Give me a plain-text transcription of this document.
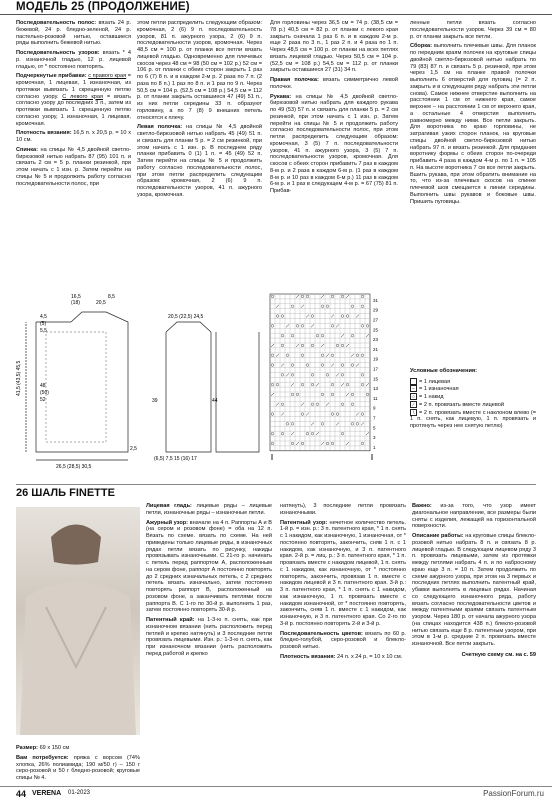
МОДЕЛЬ 25 (ПРОДОЛЖЕНИЕ)

Последовательность полос: вязать 24 р. бежевой, 24 р. бледно-зеленой, 24 р. пастельно-розовой нитью, оставшиеся ряды выполнить бежевой нитью.

Последовательность узоров: вязать * 4 р. изнаночной гладью, 12 р. лицевой гладью, от * постоянно повторять.

Подчеркнутые прибавки: с правого края = кромочная, 1 лицевая, 1 изнаночная, из протяжки вывязать 1 скрещенную петлю согласно узору. С левого края = вязать согласно узору до последних 3 п., затем из протяжки вывязать 1 скрещенную петлю согласно узору, 1 изнаночная, 1 лицевая, кромочная.

Плотность вязания: 16,5 п. х 20,5 р. = 10 х 10 см.

Спинка: на спицы № 4,5 двойной светло-бирюзовой нитью набрать 87 (95) 101 п. и связать 2 см = 5 р. планки резинкой, при этом начать с 1 изн. р. Затем перейти на спицы № 5 и продолжить работу согласно последовательности полос, при

этом петли распределить следующим образом: кромочная, 2 (6) 9 п. последовательность узоров, 81 п. ажурного узора, 2 (6) 9 п. последовательности узоров, кромочная. Через 48,5 см = 100 р. от планки все петли вязать лицевой гладью. Одновременно для плечевых скосов через 48 см = 98 (50 см = 102 р.) 52 см = 106 р. от планки с обеих сторон закрыть 1 раз по 6 (7) 8 п. и в каждом 2-м р. 2 раза по 7 п. (2 раза по 8 п.) 1 раз по 8 п. и 1 раз по 9 п. Через 50,5 см = 104 р. (52,5 см = 108 р.) 54,5 см = 112 р. от планки закрыть оставшиеся 47 (49) 51 п., из них петли середины 33 п. образуют горловину, а по 7 (8) 9 внешних петель относятся к плечу.

Левая полочка: на спицы № 4,5 двойной светло-бирюзовой нитью набрать 45 (49) 51 п. и связать для планки 5 р. = 2 см резинкой, при этом начать с 1 изн. р. В последнем ряду планки прибавить 0 (1) 1 п. = 45 (49) 52 п. Затем перейти на спицы № 5 и продолжить работу согласно последовательности полос, при этом петли распределить следующим образом: кромочная, 2 (6) 9 п. последовательности узоров, 41 п. ажурного узора, кромочная.

Для горловины через 36,5 см = 74 р. (38,5 см = 78 р.) 40,5 см = 82 р. от планки с левого края закрыть сначала 1 раз 6 п. и в каждом 2-м р. еще 2 раза по 3 п., 1 раз 2 п. и 4 раза по 1 п. Через 48,5 см = 100 р. от планки на всех петлях вязать лицевой гладью. Через 50,5 см = 104 р. (52,5 см = 108 р.) 54,5 см = 112 р. от планки закрыть оставшиеся 27 (31) 34 п.

Правая полочка: вязать симметрично левой полочке.

Рукава: на спицы № 4,5 двойной светло-бирюзовой нитью набрать для каждого рукава по 49 (53) 57 п. и связать для планки 5 р. = 2 см резинкой, при этом начать с 1 изн. р. Затем перейти на спицы № 5 и продолжить работу согласно последовательности полос, при этом петли распределить следующим образом: кромочная, 3 (5) 7 п. последовательности узоров, 41 п. ажурного узора, 3 (5) 7 п. последовательности узоров, кромочная. Для скосов с обеих сторон прибавить 7 раз в каждом 8-м р. и 2 раза в каждом 6-м р. (1 раз в каждом 8-м р. и 10 раз в каждом 6-м р.) 11 раз в каждом 6-м р. и 1 раз в следующем 4-м р. = 67 (75) 81 п. Прибав-

ленные петли вязать согласно последовательности узоров. Через 39 см = 80 р. от планки закрыть все петли.

Сборка: выполнить плечевые швы. Для планок по передним краям полочек на круговые спицы двойной светло-бирюзовой нитью набрать по 79 (83) 87 п. и связать 5 р. резинкой, при этом через 1,5 см на планке правой полочки выполнить 6 отверстий для пуговиц (= 2 п. закрыть и в следующем ряду набрать эти петли снова). Самое нижнее отверстие выполнить на расстоянии 1 см от нижнего края, самое верхнее – на расстоянии 1 см от верхнего края, а остальные 4 отверстия выполнить равномерно между ними. Все петли закрыть. Для воротника по краю горловины, не затрагивая узких сторон планок, на круговые спицы двойной светло-бирюзовой нитью набрать 97 п. и вязать резинкой. Для придания воротнику формы с обеих сторон по-очереди прибавить 4 раза в каждом 4-м р. по 1 п. = 105 п. На высоте воротника 7 см все петли закрыть. Вшить рукава, при этом обратить внимание на то, что из-за плечевых скосов на спинке плечевой шов смещается к линии середины. Выполнить швы рукавов и боковые швы. Пришить пуговицы.

16,5
(18)	20,5
8,5
4,5
(5)
5,5
41,5 (43,5) 45,5	48
(50)
52
26,5 (28,5) 30,5
2,5
20,5 (22,5) 24,5
39
(6,5) 7,5 15 (16) 17
44
31
29
27
25
23
21
19
17
15
13
11
9
7
5
3
1

Условные обозначения:

= 1 лицевая
– = 1 изнаночная
○ = 1 накид
⁄ = 2 п. провязать вместе лицевой
∖ = 2 п. провязать вместе с наклоном влево (= 1 п. снять, как лицевую, 1 п. провязать и протянуть через нее снятую петлю)
26 ШАЛЬ FINETTE

Размер: 69 х 150 см

Вам потребуется: пряжа с ворсом (74% хлопка, 26% полиамида; 190 м/50 г) – 150 г серо-розовой и 50 г бледно-розовой; круговые спицы № 4.

Лицевая гладь: лицевые ряды – лицевые петли, изнаночные ряды – изнаночные петли.

Ажурный узор: вначале на 4 п. Раппорты А и В (на сером и розовом фоне) = оба на 12 п. Вязать по схеме. вязать по схеме. На ней приведены только лицевые ряды, в изнаночных рядах петли вязать по рисунку, накиды провязывать изнаночными. С 21-го р. начинать с петель перед раппортом А, расположенным на сером фоне, раппорт А постоянно повторять до 2 средних изначальных петель, с 2 средних петель вязать изначально, затем постоянно повторять раппорт В, расположенный на розовом фоне, а заканчивать петлями после раппорта В. С 1-го по 30-й р. выполнить 1 раз, затем постоянно повторять 30-й р.

Патентный край: на 1-3-ю п. снять, как при изнаночном вязании (нить расположить перед петлей и крепко натянуть) и 3 последние петли провязать лицевыми. Изн. р.: 1-3-ю п. снять, как при изнаночном вязании (нить расположить перед работой и крепко

натянуть), 3 последние петли провязать изнаночными.

Патентный узор: нечетное количество петель. 1-й р. = изн. р.: 3 п. патентного края, * 1 п. снять с 1 накидом, как изнаночную, 1 изнаночная, от * постоянно повторять, закончить, сняв 1 п. с 1 накидом, как изнаночную, и 3 п. патентного края. 2-й р. = лиц. р.: 3 п. патентного края, * 1 п. провязать вместе с накидом лицевой, 1 п. снять с 1 накидом, как изнаночную, от * постоянно повторять, закончить, провязав 1 п. вместе с накидом лицевой и 3 п. патентного края. 3-й р.: 3 п. патентного края, * 1 п. снять с 1 накидом, как изнаночную, 1 п. провязать вместе с накидом изнаночной, от * постоянно повторять, закончить, сняв 1 п. вместе с 1 накидом, как изнаночную, и 3 п. патентного края. Со 2-го по 3-й р. постоянно повторять 2-й и 3-й р.

Последовательность цветов: вязать по 60 р. бледно-голубой, серо-розовой и блекло-розовой нитью.

Плотность вязания: 24 п. х 24 р. = 10 х 10 см.

Важно: из-за того, что узор имеет диагональное направление, все размеры были сняты с изделия, лежащей на горизонтальной поверхности.

Описание работы: на круговые спицы блекло-розовой нитью набрать 8 п. и связать 8 р. лицевой гладью. В следующем лицевом ряду 3 п. провязать лицевыми, затем из протяжки между петлями набрать 4 п. и по набросному краю еще 3 п. = 10 п. Затем продолжить по схеме ажурного узора, при этом на 3 первых и последних петлях выполнить патентный край, убавки выполнять в лицевых рядах. Начиная со следующего изнаночного ряда, работу вязать согласно последовательности цветов и между патентными краями связать патентным узором. Через 180 р. от начала ажурного узора (на спицах находится 438 п.) блекло-розовой нитью связать еще 8 р. патентным узором, при этом в 1-м р. средние 2 п. провязать вместе изнаночной. Все петли закрыть.

Счетную схему см. на с. 59

44 VERENA 01-2023	PassionForum.ru
